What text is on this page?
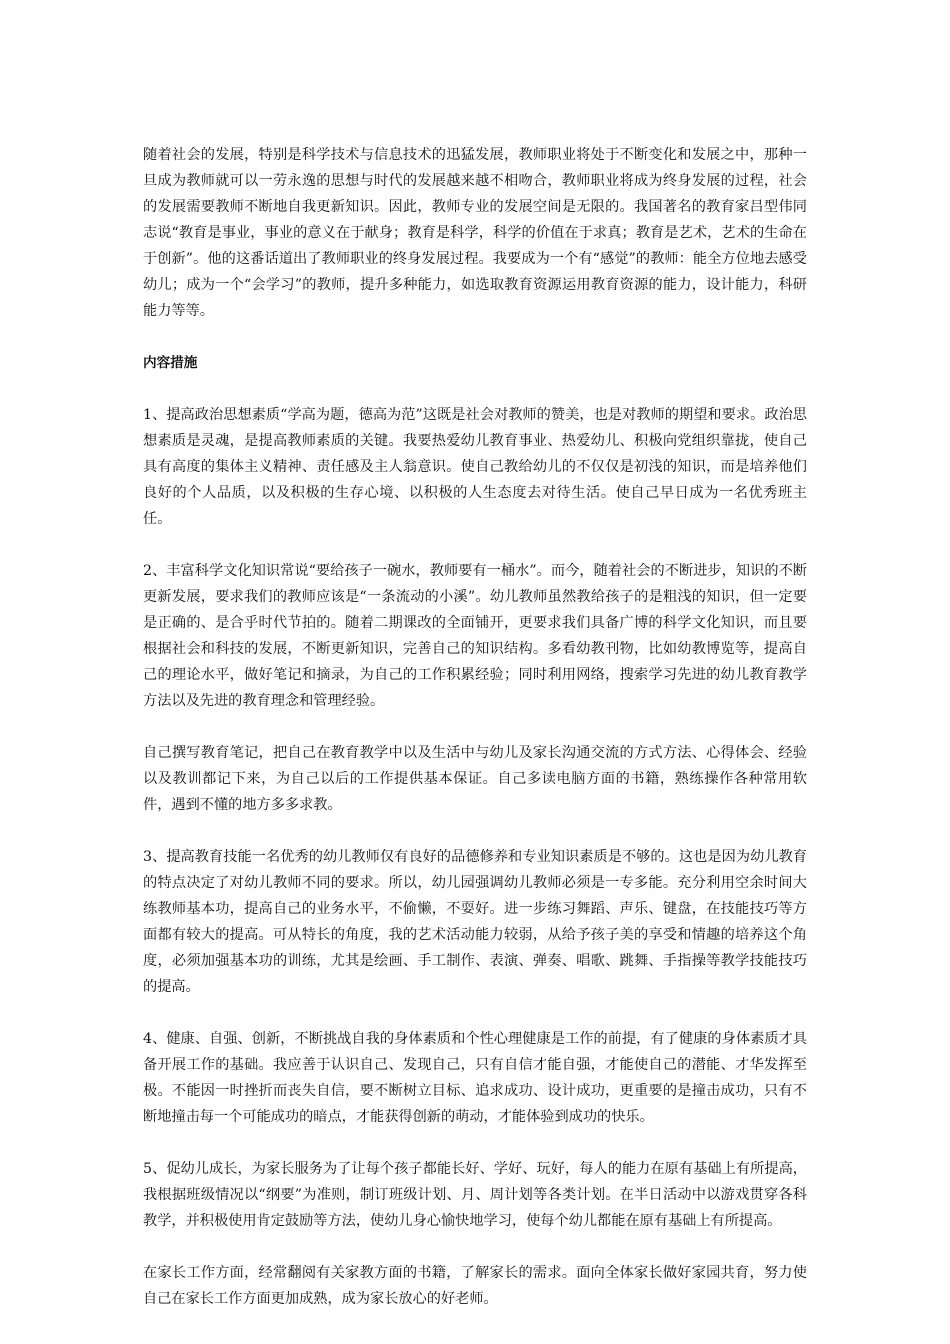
随着社会的发展，特别是科学技术与信息技术的迅猛发展，教师职业将处于不断变化和发展之中，那种一旦成为教师就可以一劳永逸的思想与时代的发展越来越不相吻合，教师职业将成为终身发展的过程，社会的发展需要教师不断地自我更新知识。因此，教师专业的发展空间是无限的。我国著名的教育家吕型伟同志说“教育是事业，事业的意义在于献身；教育是科学，科学的价值在于求真；教育是艺术，艺术的生命在于创新”。他的这番话道出了教师职业的终身发展过程。我要成为一个有“感觉”的教师：能全方位地去感受幼儿；成为一个“会学习”的教师，提升多种能力，如选取教育资源运用教育资源的能力，设计能力，科研能力等等。

内容措施

1、提高政治思想素质“学高为题，德高为范”这既是社会对教师的赞美，也是对教师的期望和要求。政治思想素质是灵魂，是提高教师素质的关键。我要热爱幼儿教育事业、热爱幼儿、积极向党组织靠拢，使自己具有高度的集体主义精神、责任感及主人翁意识。使自己教给幼儿的不仅仅是初浅的知识，而是培养他们良好的个人品质，以及积极的生存心境、以积极的人生态度去对待生活。使自己早日成为一名优秀班主任。

2、丰富科学文化知识常说“要给孩子一碗水，教师要有一桶水”。而今，随着社会的不断进步，知识的不断更新发展，要求我们的教师应该是“一条流动的小溪”。幼儿教师虽然教给孩子的是粗浅的知识，但一定要是正确的、是合乎时代节拍的。随着二期课改的全面铺开，更要求我们具备广博的科学文化知识，而且要根据社会和科技的发展，不断更新知识，完善自己的知识结构。多看幼教刊物，比如幼教博览等，提高自己的理论水平，做好笔记和摘录，为自己的工作积累经验；同时利用网络，搜索学习先进的幼儿教育教学方法以及先进的教育理念和管理经验。

自己撰写教育笔记，把自己在教育教学中以及生活中与幼儿及家长沟通交流的方式方法、心得体会、经验以及教训都记下来，为自己以后的工作提供基本保证。自己多读电脑方面的书籍，熟练操作各种常用软件，遇到不懂的地方多多求教。

3、提高教育技能一名优秀的幼儿教师仅有良好的品德修养和专业知识素质是不够的。这也是因为幼儿教育的特点决定了对幼儿教师不同的要求。所以，幼儿园强调幼儿教师必须是一专多能。充分利用空余时间大练教师基本功，提高自己的业务水平，不偷懒，不耍好。进一步练习舞蹈、声乐、键盘，在技能技巧等方面都有较大的提高。可从特长的角度，我的艺术活动能力较弱，从给予孩子美的享受和情趣的培养这个角度，必须加强基本功的训练，尤其是绘画、手工制作、表演、弹奏、唱歌、跳舞、手指操等教学技能技巧的提高。

4、健康、自强、创新，不断挑战自我的身体素质和个性心理健康是工作的前提，有了健康的身体素质才具备开展工作的基础。我应善于认识自己、发现自己，只有自信才能自强，才能使自己的潜能、才华发挥至极。不能因一时挫折而丧失自信，要不断树立目标、追求成功、设计成功，更重要的是撞击成功，只有不断地撞击每一个可能成功的暗点，才能获得创新的萌动，才能体验到成功的快乐。

5、促幼儿成长，为家长服务为了让每个孩子都能长好、学好、玩好，每人的能力在原有基础上有所提高，我根据班级情况以“纲要”为准则，制订班级计划、月、周计划等各类计划。在半日活动中以游戏贯穿各科教学，并积极使用肯定鼓励等方法，使幼儿身心愉快地学习，使每个幼儿都能在原有基础上有所提高。

在家长工作方面，经常翻阅有关家教方面的书籍，了解家长的需求。面向全体家长做好家园共育，努力使自己在家长工作方面更加成熟，成为家长放心的好老师。
